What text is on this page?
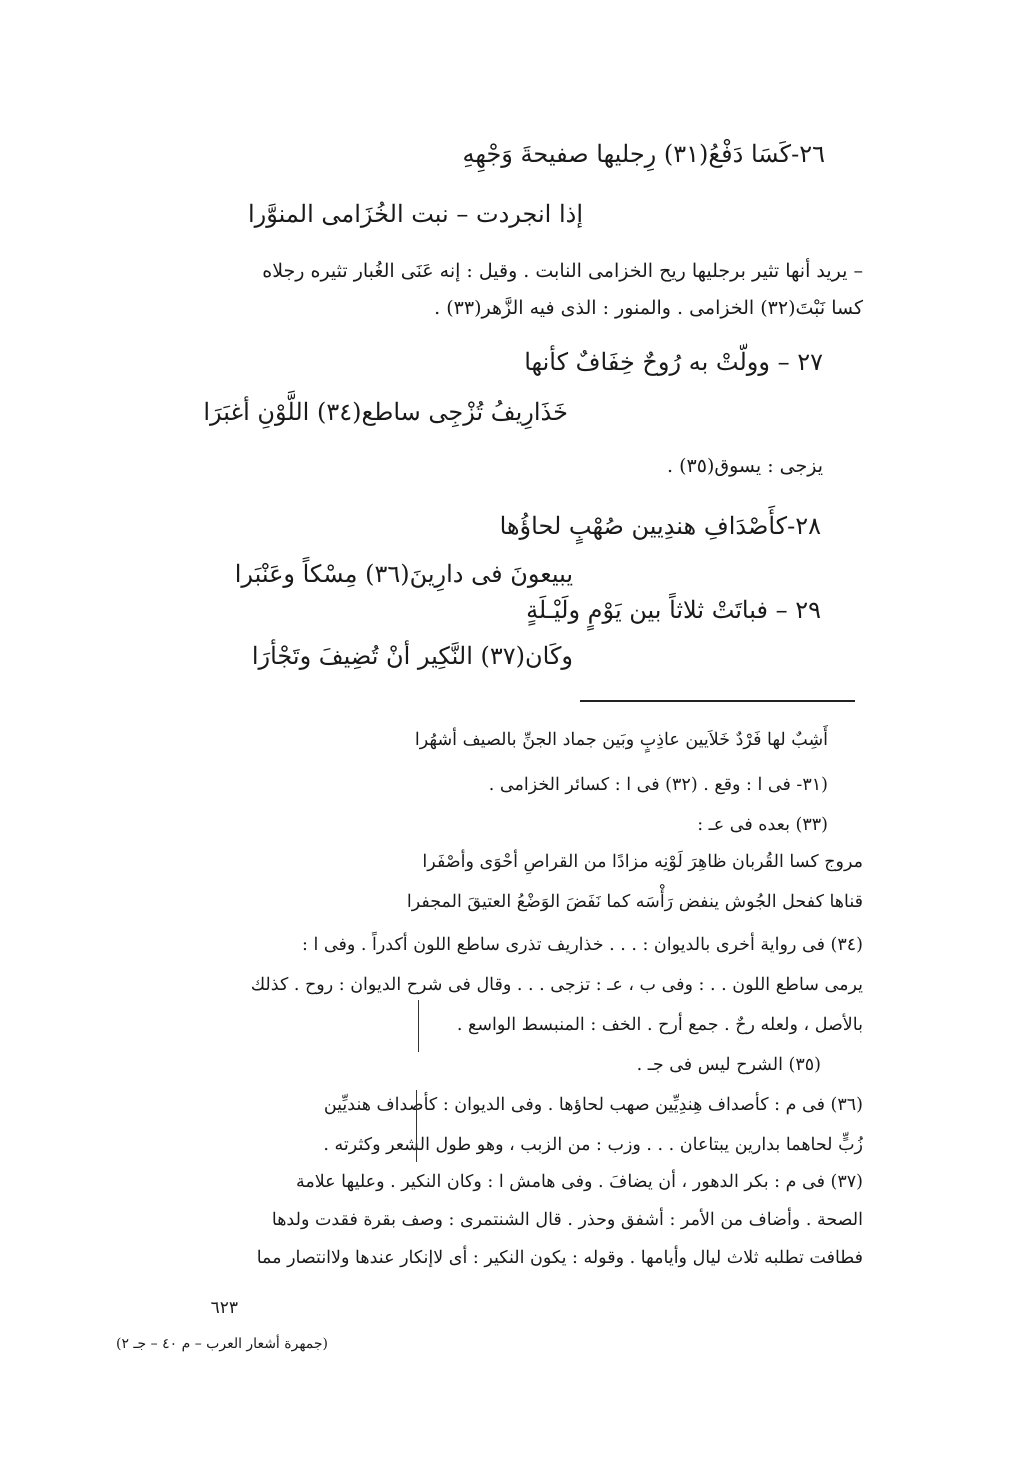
٢٦-كَسَا دَفْعُ(٣١) رِجليها صفيحةَ وَجْهِهِ
إذا انجردت – نبت الخُزَامى المنوَّرا
– يريد أنها تثير برجليها ريح الخزامى النابت . وقيل : إنه عَنَى الغُبار تثيره رجلاه
كسا نَبْتَ(٣٢) الخزامى . والمنور : الذى فيه الزَّهر(٣٣) .
٢٧ – وولّتْ به رُوحٌ خِفَافٌ كأنها
خَذَارِيفُ تُزْجِى ساطع(٣٤) اللَّوْنِ أغبَرَا
يزجى : يسوق(٣٥) .
٢٨-كأَصْدَافِ هندِيين صُهْبٍ لحاؤُها
يبيعونَ فى دارِينَ(٣٦) مِسْكاً وعَنْبَرا
٢٩ – فباتَتْ ثلاثاً بين يَوْمٍ ولَيْـلَةٍ
وكَان(٣٧) النَّكِير أنْ تُضِيفَ وتَجْأرَا
أَشِبٌ لها فَرْدٌ خَلاَيين عاذِبٍ وبَين جماد الجنِّ بالصيف أشهُرا
(٣١- فى ا : وقع . (٣٢) فى ا : كسائر الخزامى .
(٣٣) بعده فى عـ :
مروج كسا القُربان ظاهِرَ لَوْنِه مزادًا من القراصِ أحْوَى وأصْفَرا
قناها كفحل الجُوش ينفض رَأْسَه كما نَفَضَ الوَضْعُ العتيقَ المجفرا
(٣٤) فى رواية أخرى بالديوان : . . . خذاريف تذرى ساطع اللون أكدراً . وفى ا :
يرمى ساطع اللون . . : وفى ب ، عـ : تزجى . . . وقال فى شرح الديوان : روح . كذلك
بالأصل ، ولعله رحٌ . جمع أرح . الخف : المنبسط الواسع .
(٣٥) الشرح ليس فى جـ .
(٣٦) فى م : كأصداف هِندِيِّين صهب لحاؤها . وفى الديوان : كأصداف هنديِّين
زُبٍّ لحاهما بدارين يبتاعان . . . وزب : من الزبب ، وهو طول الشعر وكثرته .
(٣٧) فى م : بكر الدهور ، أن يضافَ . وفى هامش ا : وكان النكير . وعليها علامة
الصحة . وأضاف من الأمر : أشفق وحذر . قال الشنتمرى : وصف بقرة فقدت ولدها
فطافت تطلبه ثلاث ليال وأيامها . وقوله : يكون النكير : أى لاإنكار عندها ولاانتصار مما
٦٢٣
(جمهرة أشعار العرب – م ٤٠ – جـ ٢)
